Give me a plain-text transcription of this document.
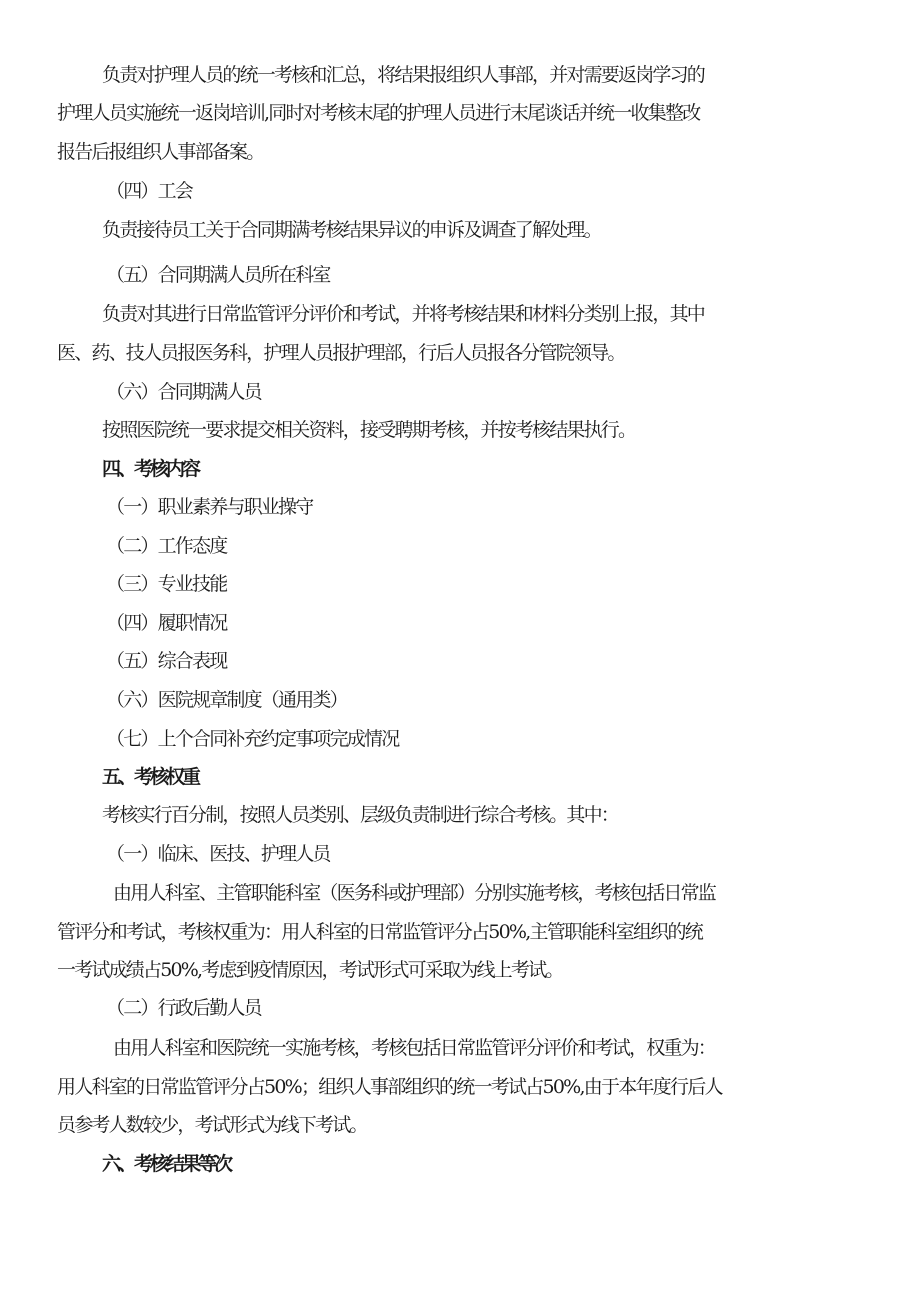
负责对护理人员的统一考核和汇总，将结果报组织人事部，并对需要返岗学习的
护理人员实施统一返岗培训,同时对考核末尾的护理人员进行末尾谈话并统一收集整改
报告后报组织人事部备案。
（四）工会
负责接待员工关于合同期满考核结果异议的申诉及调查了解处理。
（五）合同期满人员所在科室
负责对其进行日常监管评分评价和考试，并将考核结果和材料分类别上报，其中
医、药、技人员报医务科，护理人员报护理部，行后人员报各分管院领导。
（六）合同期满人员
按照医院统一要求提交相关资料，接受聘期考核，并按考核结果执行。
四、考核内容
（一）职业素养与职业操守
（二）工作态度
（三）专业技能
（四）履职情况
（五）综合表现
（六）医院规章制度（通用类）
（七）上个合同补充约定事项完成情况
五、考核权重
考核实行百分制，按照人员类别、层级负责制进行综合考核。其中：
（一）临床、医技、护理人员
由用人科室、主管职能科室（医务科或护理部）分别实施考核，考核包括日常监
管评分和考试，考核权重为：用人科室的日常监管评分占50%,主管职能科室组织的统
一考试成绩占50%,考虑到疫情原因，考试形式可采取为线上考试。
（二）行政后勤人员
由用人科室和医院统一实施考核，考核包括日常监管评分评价和考试，权重为：
用人科室的日常监管评分占50%；组织人事部组织的统一考试占50%,由于本年度行后人
员参考人数较少，考试形式为线下考试。
六、考核结果等次
